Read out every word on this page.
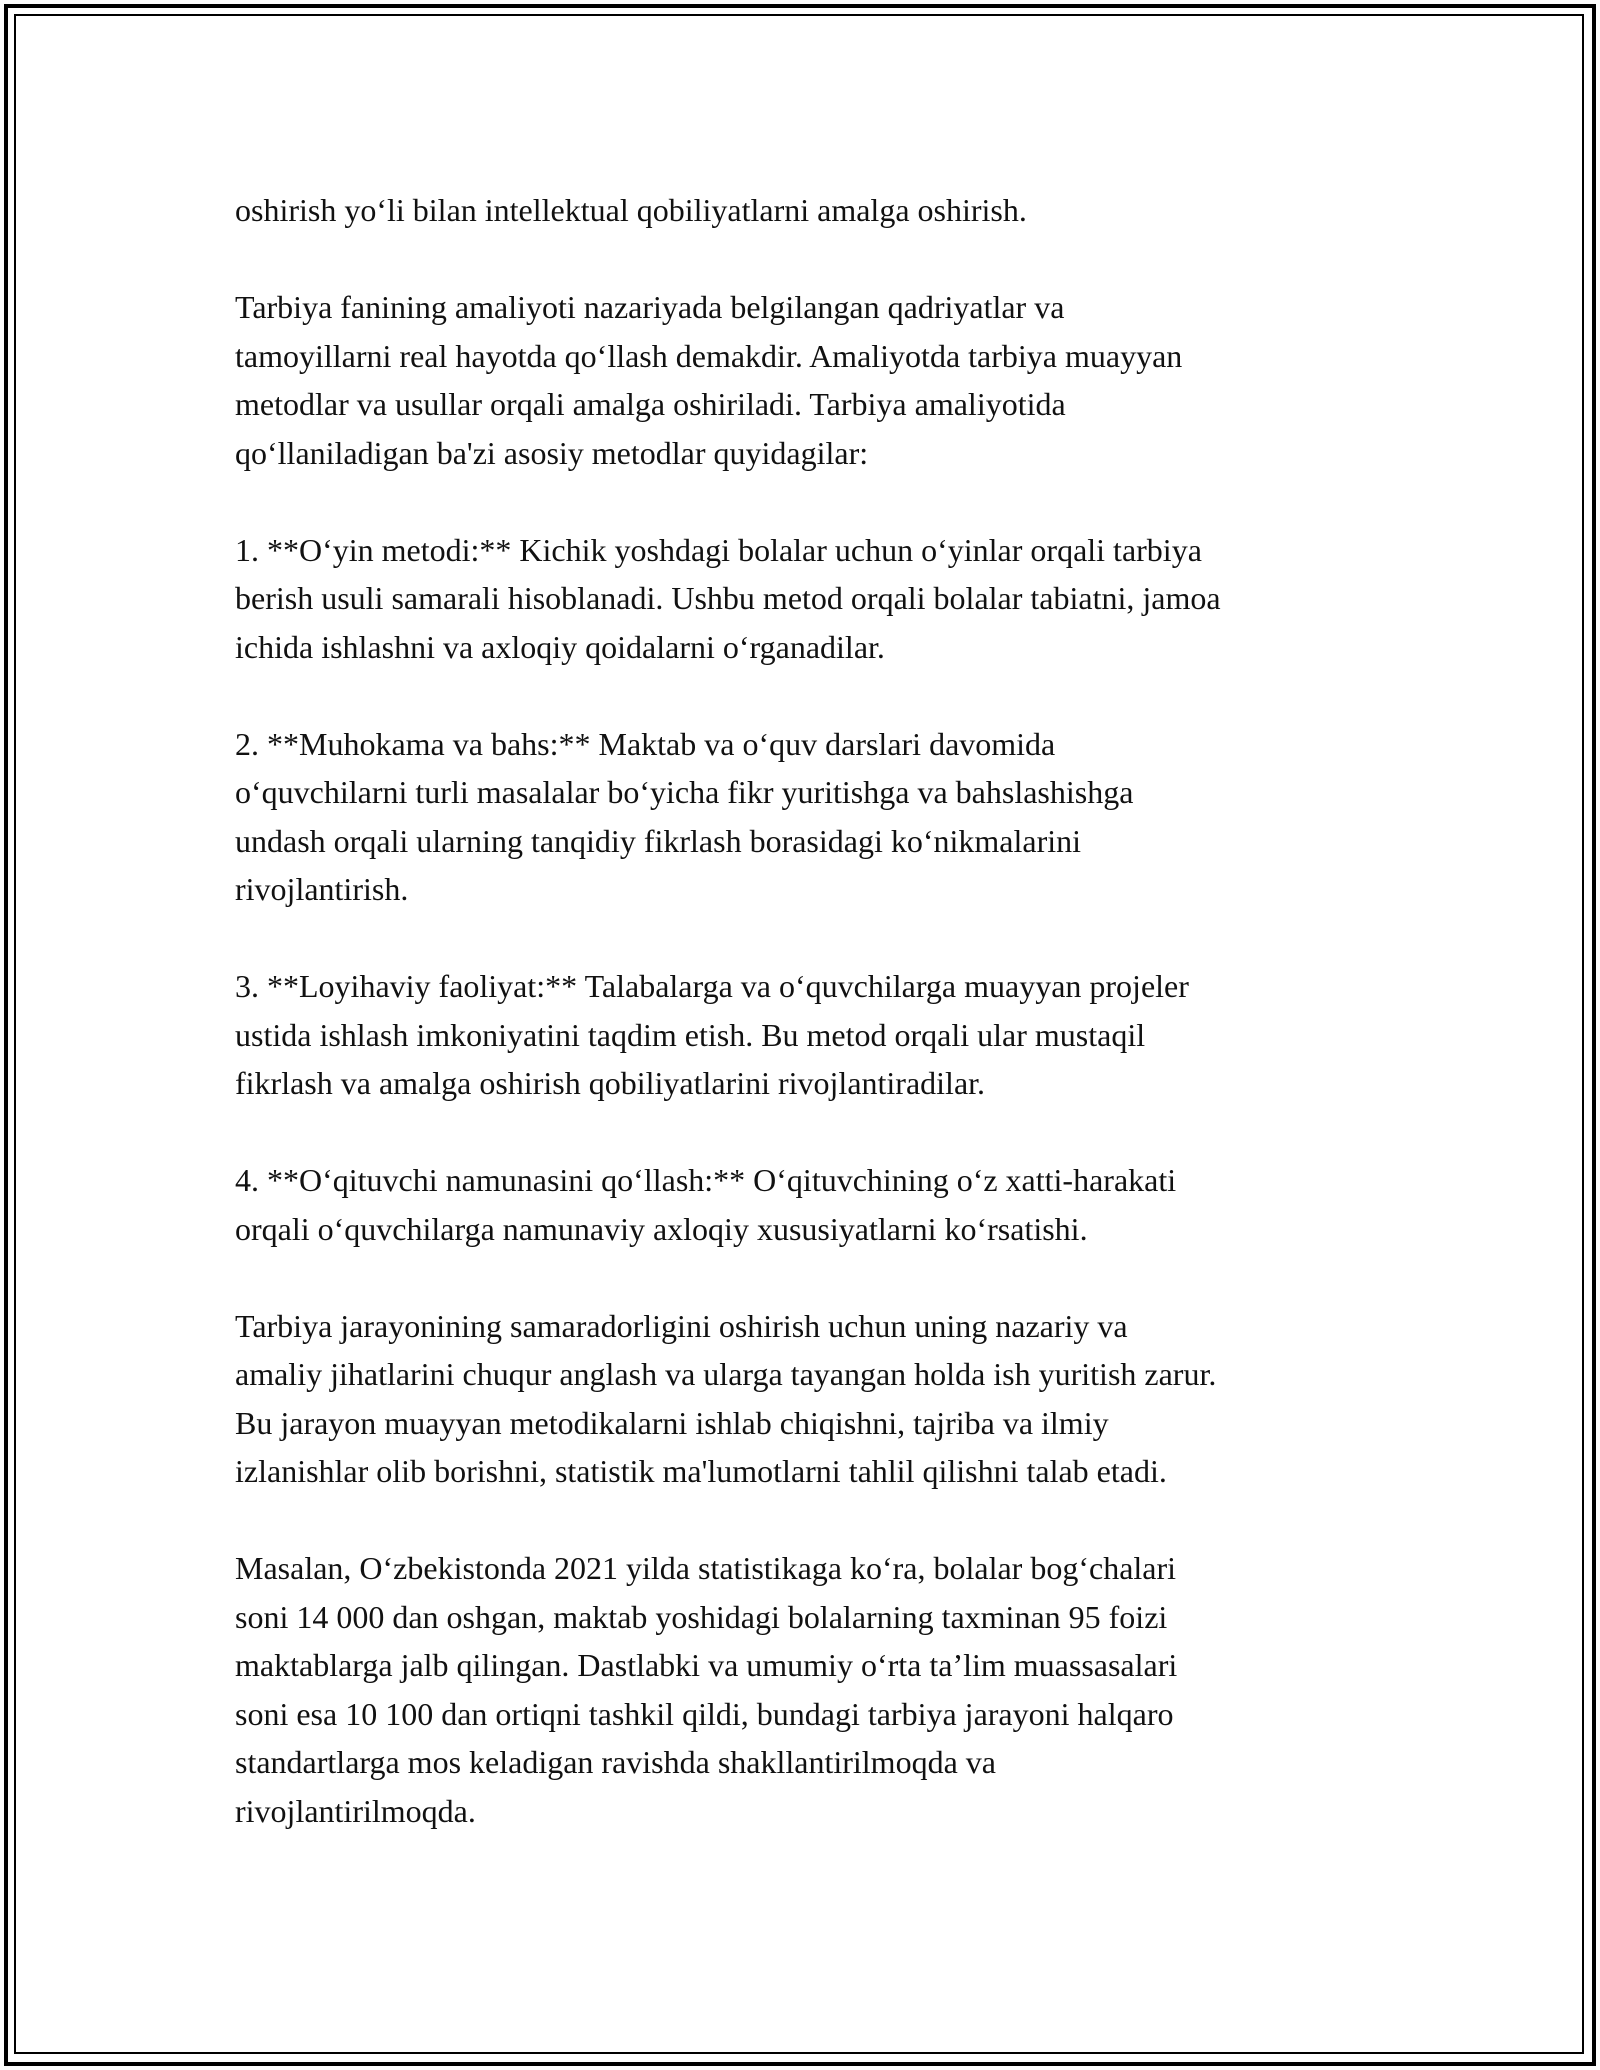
oshirish yo‘li bilan intellektual qobiliyatlarni amalga oshirish.

Tarbiya fanining amaliyoti nazariyada belgilangan qadriyatlar va
tamoyillarni real hayotda qo‘llash demakdir. Amaliyotda tarbiya muayyan
metodlar va usullar orqali amalga oshiriladi. Tarbiya amaliyotida
qo‘llaniladigan ba'zi asosiy metodlar quyidagilar:

1. **O‘yin metodi:** Kichik yoshdagi bolalar uchun o‘yinlar orqali tarbiya
berish usuli samarali hisoblanadi. Ushbu metod orqali bolalar tabiatni, jamoa
ichida ishlashni va axloqiy qoidalarni o‘rganadilar.

2. **Muhokama va bahs:** Maktab va o‘quv darslari davomida
o‘quvchilarni turli masalalar bo‘yicha fikr yuritishga va bahslashishga
undash orqali ularning tanqidiy fikrlash borasidagi ko‘nikmalarini
rivojlantirish.

3. **Loyihaviy faoliyat:** Talabalarga va o‘quvchilarga muayyan projeler
ustida ishlash imkoniyatini taqdim etish. Bu metod orqali ular mustaqil
fikrlash va amalga oshirish qobiliyatlarini rivojlantiradilar.

4. **O‘qituvchi namunasini qo‘llash:** O‘qituvchining o‘z xatti-harakati
orqali o‘quvchilarga namunaviy axloqiy xususiyatlarni ko‘rsatishi.

Tarbiya jarayonining samaradorligini oshirish uchun uning nazariy va
amaliy jihatlarini chuqur anglash va ularga tayangan holda ish yuritish zarur.
Bu jarayon muayyan metodikalarni ishlab chiqishni, tajriba va ilmiy
izlanishlar olib borishni, statistik ma'lumotlarni tahlil qilishni talab etadi.

Masalan, O‘zbekistonda 2021 yilda statistikaga ko‘ra, bolalar bog‘chalari
soni 14 000 dan oshgan, maktab yoshidagi bolalarning taxminan 95 foizi
maktablarga jalb qilingan. Dastlabki va umumiy o‘rta ta’lim muassasalari
soni esa 10 100 dan ortiqni tashkil qildi, bundagi tarbiya jarayoni halqaro
standartlarga mos keladigan ravishda shakllantirilmoqda va
rivojlantirilmoqda.
